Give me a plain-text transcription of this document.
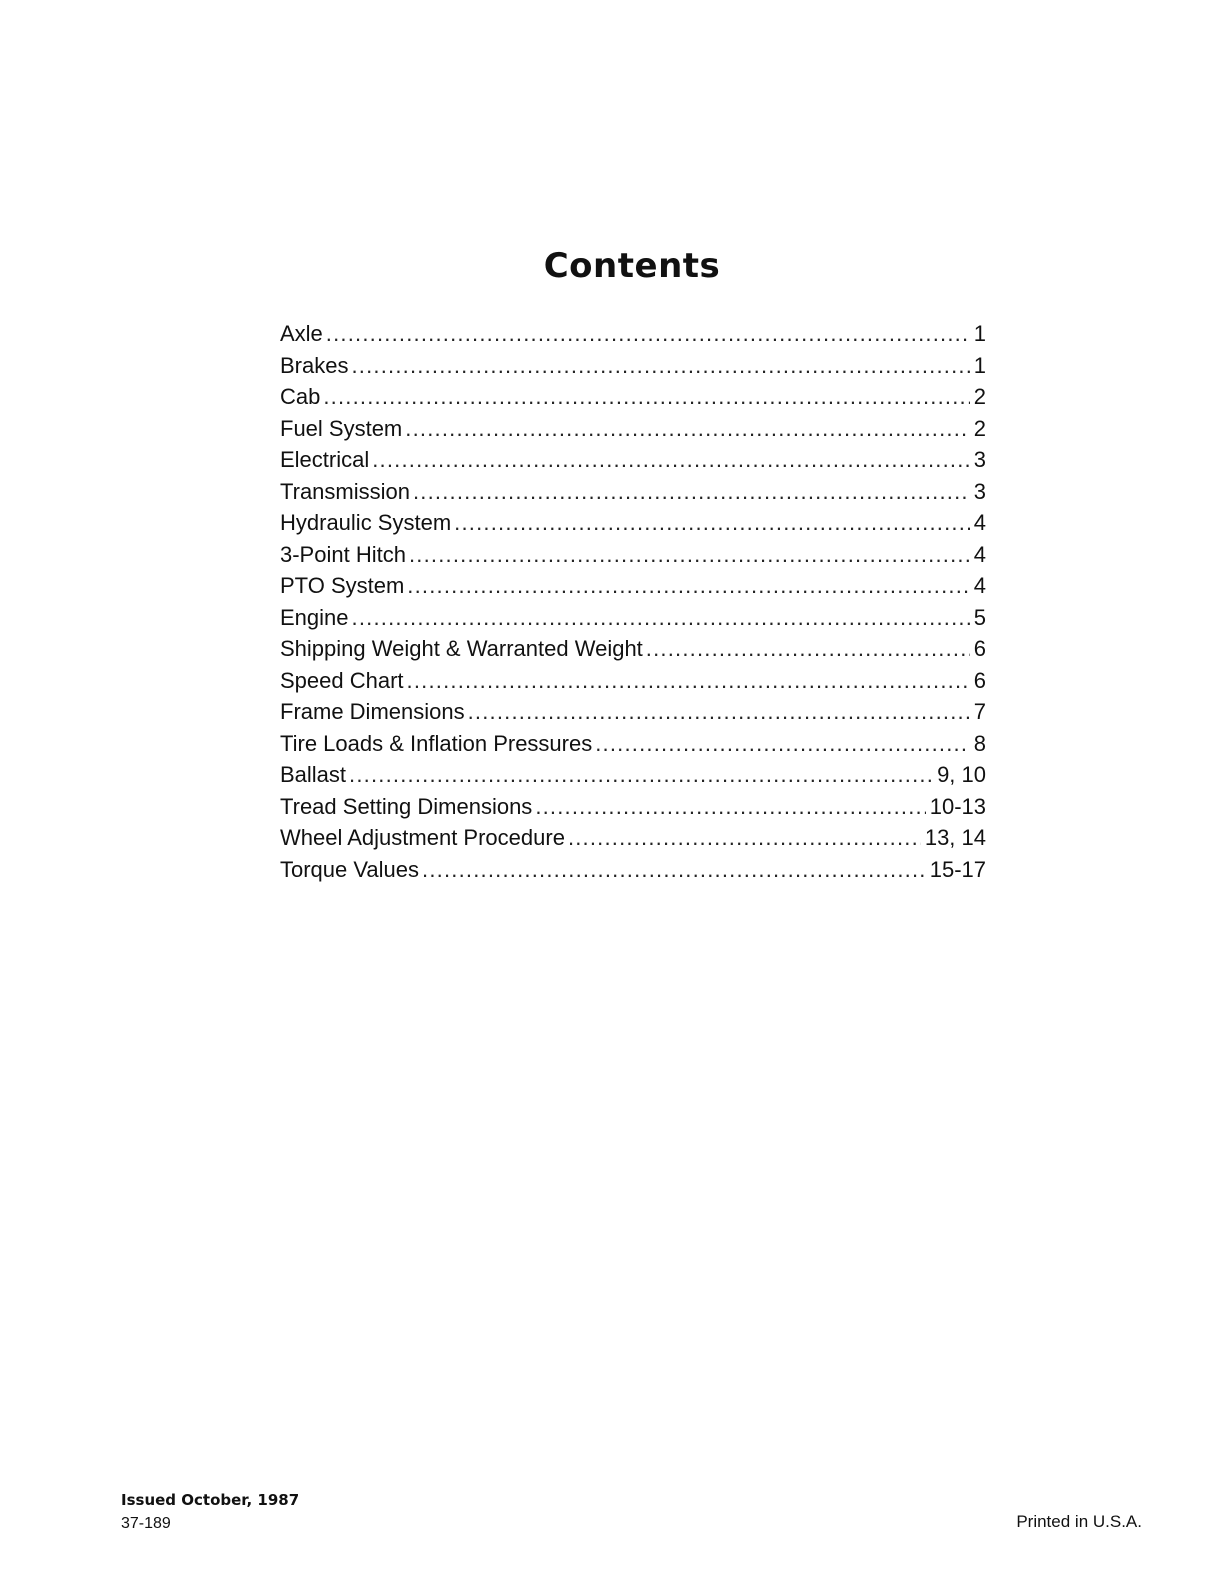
Contents
Axle .....	1
Brakes .....	1
Cab .....	2
Fuel System .....	2
Electrical .....	3
Transmission .....	3
Hydraulic System .....	4
3-Point Hitch .....	4
PTO System .....	4
Engine .....	5
Shipping Weight & Warranted Weight .....	6
Speed Chart .....	6
Frame Dimensions .....	7
Tire Loads & Inflation Pressures .....	8
Ballast .....	9, 10
Tread Setting Dimensions .....	10-13
Wheel Adjustment Procedure .....	13, 14
Torque Values .....	15-17
Issued October, 1987
37-189	Printed in U.S.A.
